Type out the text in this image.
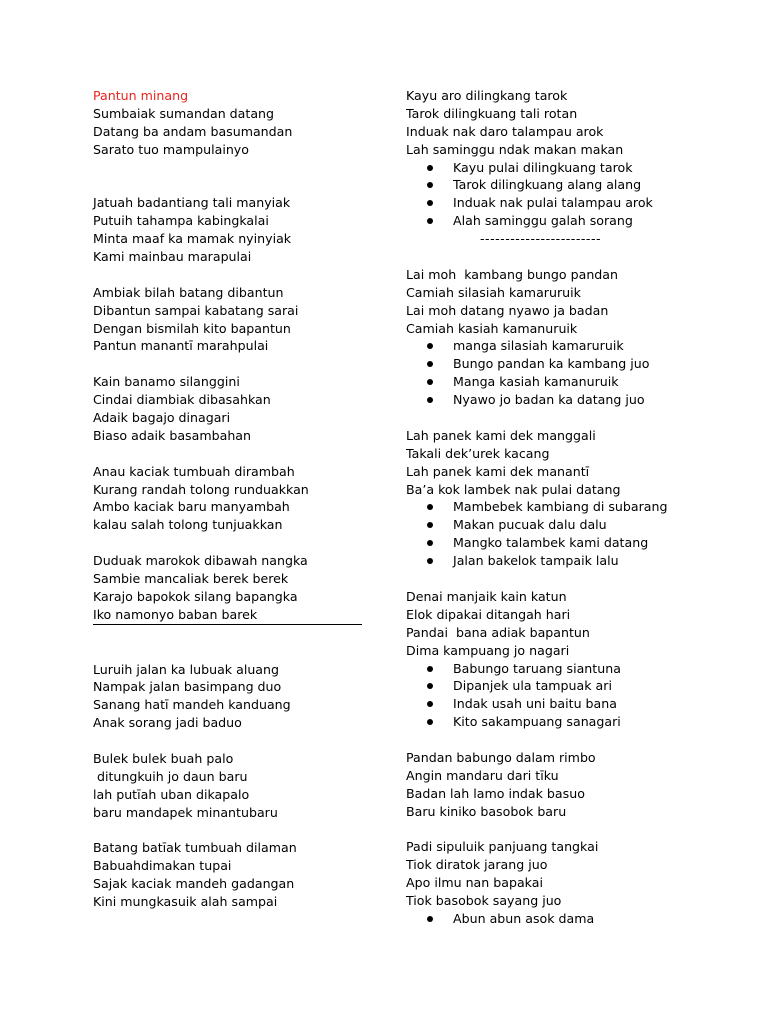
Pantun minang
Sumbaiak sumandan datang
Datang ba andam basumandan
Sarato tuo mampulainyo
Jatuah badantiang tali manyiak
Putuih tahampa kabingkalai
Minta maaf ka mamak nyinyiak
Kami mainbau marapulai
Ambiak bilah batang dibantun
Dibantun sampai kabatang sarai
Dengan bismilah kito bapantun
Pantun manantī marahpulai
Kain banamo silanggini
Cindai diambiak dibasahkan
Adaik bagajo dinagari
Biaso adaik basambahan
Anau kaciak tumbuah dirambah
Kurang randah tolong runduakkan
Ambo kaciak baru manyambah
kalau salah tolong tunjuakkan
Duduak marokok dibawah nangka
Sambie mancaliak berek berek
Karajo bapokok silang bapangka
Iko namonyo baban barek
Luruih jalan ka lubuak aluang
Nampak jalan basimpang duo
Sanang hatī mandeh kanduang
Anak sorang jadi baduo
Bulek bulek buah palo
ditungkuih jo daun baru
lah putīah uban dikapalo
baru mandapek minantubaru
Batang batīak tumbuah dilaman
Babuahdimakan tupai
Sajak kaciak mandeh gadangan
Kini mungkasuik alah sampai
Kayu aro dilingkang tarok
Tarok dilingkuang tali rotan
Induak nak daro talampau arok
Lah saminggu ndak makan makan
Kayu pulai dilingkuang tarok
Tarok dilingkuang alang alang
Induak nak pulai talampau arok
Alah saminggu galah sorang
------------------------
Lai moh  kambang bungo pandan
Camiah silasiah kamaruruik
Lai moh datang nyawo ja badan
Camiah kasiah kamanuruik
manga silasiah kamaruruik
Bungo pandan ka kambang juo
Manga kasiah kamanuruik
Nyawo jo badan ka datang juo
Lah panek kami dek manggali
Takali dek’urek kacang
Lah panek kami dek manantī
Ba’a kok lambek nak pulai datang
Mambebek kambiang di subarang
Makan pucuak dalu dalu
Mangko talambek kami datang
Jalan bakelok tampaik lalu
Denai manjaik kain katun
Elok dipakai ditangah hari
Pandai  bana adiak bapantun
Dima kampuang jo nagari
Babungo taruang siantuna
Dipanjek ula tampuak ari
Indak usah uni baitu bana
Kito sakampuang sanagari
Pandan babungo dalam rimbo
Angin mandaru dari tīku
Badan lah lamo indak basuo
Baru kiniko basobok baru
Padi sipuluik panjuang tangkai
Tiok diratok jarang juo
Apo ilmu nan bapakai
Tiok basobok sayang juo
Abun abun asok dama
